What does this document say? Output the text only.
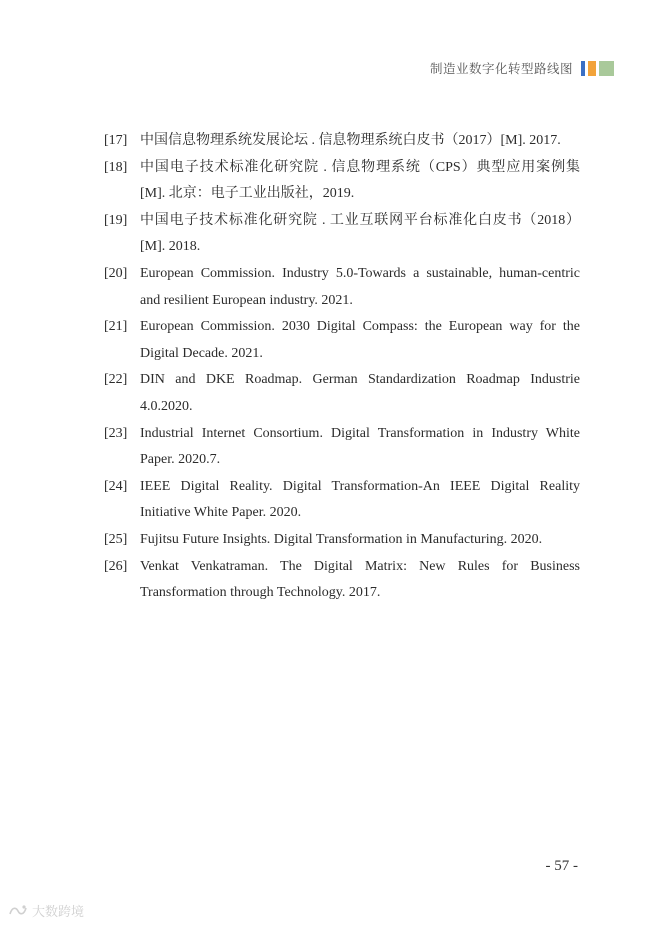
制造业数字化转型路线图
[17] 中国信息物理系统发展论坛 . 信息物理系统白皮书（2017）[M]. 2017.
[18] 中国电子技术标准化研究院 . 信息物理系统（CPS）典型应用案例集 [M]. 北京：电子工业出版社，2019.
[19] 中国电子技术标准化研究院 . 工业互联网平台标准化白皮书（2018）[M]. 2018.
[20] European Commission. Industry 5.0-Towards a sustainable, human-centric and resilient European industry. 2021.
[21] European Commission. 2030 Digital Compass: the European way for the Digital Decade. 2021.
[22] DIN and DKE Roadmap. German Standardization Roadmap Industrie 4.0.2020.
[23] Industrial Internet Consortium. Digital Transformation in Industry White Paper. 2020.7.
[24] IEEE Digital Reality. Digital Transformation-An IEEE Digital Reality Initiative White Paper. 2020.
[25] Fujitsu Future Insights. Digital Transformation in Manufacturing. 2020.
[26] Venkat Venkatraman. The Digital Matrix: New Rules for Business Transformation through Technology. 2017.
- 57 -
大数跨境
